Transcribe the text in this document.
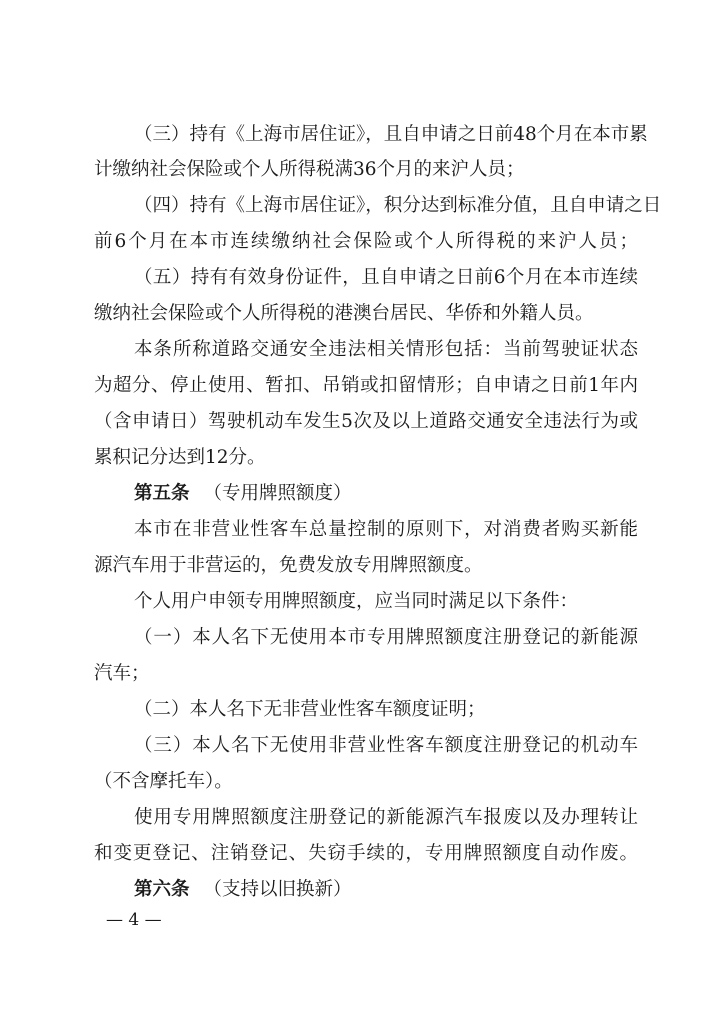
（三）持有《上海市居住证》，且自申请之日前48个月在本市累
计缴纳社会保险或个人所得税满36个月的来沪人员；
（四）持有《上海市居住证》，积分达到标准分值，且自申请之日
前6个月在本市连续缴纳社会保险或个人所得税的来沪人员；
（五）持有有效身份证件，且自申请之日前6个月在本市连续
缴纳社会保险或个人所得税的港澳台居民、华侨和外籍人员。
本条所称道路交通安全违法相关情形包括：当前驾驶证状态
为超分、停止使用、暂扣、吊销或扣留情形；自申请之日前1年内
（含申请日）驾驶机动车发生5次及以上道路交通安全违法行为或
累积记分达到12分。
第五条 （专用牌照额度）
本市在非营业性客车总量控制的原则下，对消费者购买新能
源汽车用于非营运的，免费发放专用牌照额度。
个人用户申领专用牌照额度，应当同时满足以下条件：
（一）本人名下无使用本市专用牌照额度注册登记的新能源
汽车；
（二）本人名下无非营业性客车额度证明；
（三）本人名下无使用非营业性客车额度注册登记的机动车
（不含摩托车）。
使用专用牌照额度注册登记的新能源汽车报废以及办理转让
和变更登记、注销登记、失窃手续的，专用牌照额度自动作废。
第六条 （支持以旧换新）
— 4 —
